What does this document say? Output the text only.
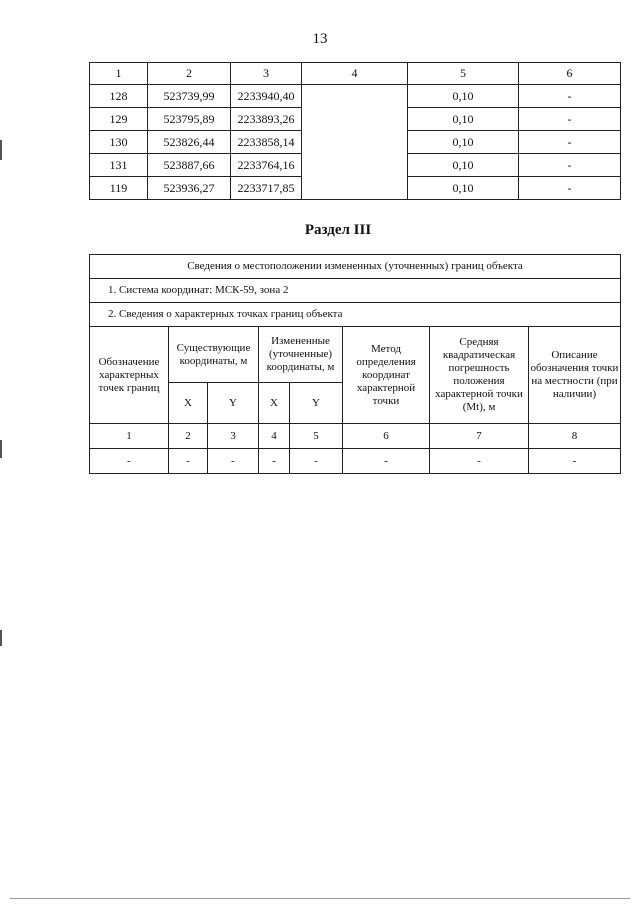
13
1	2	3	4	5	6
128	523739,99	2233940,40		0,10	-
129	523795,89	2233893,26		0,10	-
130	523826,44	2233858,14		0,10	-
131	523887,66	2233764,16		0,10	-
119	523936,27	2233717,85		0,10	-
Раздел III
Сведения о местоположении измененных (уточненных) границ объекта							
1. Система координат: МСК-59, зона 2							
2. Сведения о характерных точках границ объекта							
Обозначение характерных точек границ	Существующие координаты, м		Измененные (уточненные) координаты, м		Метод определения координат характерной точки	Средняя квадратическая погрешность положения характерной точки (Mt), м	Описание обозначения точки на местности (при наличии)
	X	Y	X	Y			
1	2	3	4	5	6	7	8
-	-	-	-	-	-	-	-
